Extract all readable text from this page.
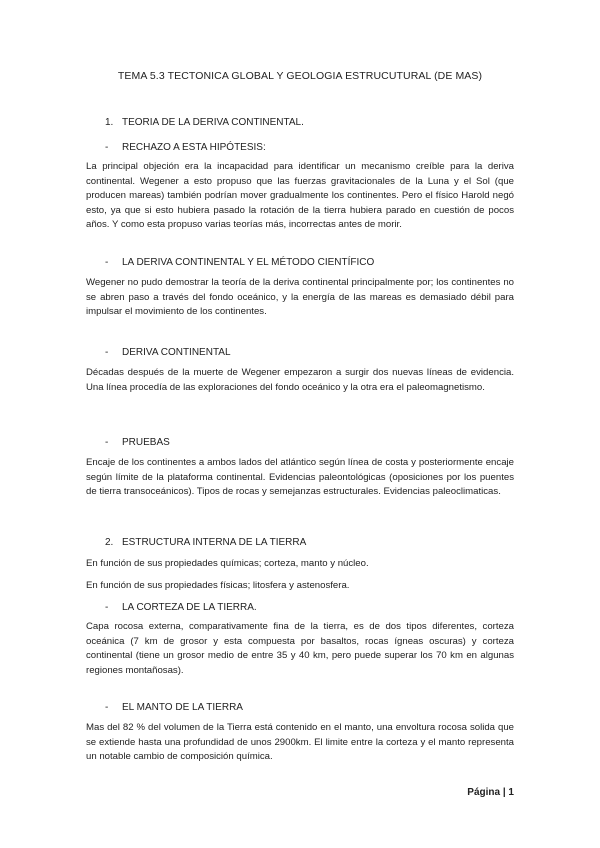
TEMA 5.3 TECTONICA GLOBAL Y GEOLOGIA ESTRUCUTURAL (DE MAS)
1. TEORIA DE LA DERIVA CONTINENTAL.
- RECHAZO A ESTA HIPÓTESIS:
La principal objeción era la incapacidad para identificar un mecanismo creíble para la deriva continental. Wegener a esto propuso que las fuerzas gravitacionales de la Luna y el Sol (que producen mareas) también podrían mover gradualmente los continentes. Pero el físico Harold negó esto, ya que si esto hubiera pasado la rotación de la tierra hubiera parado en cuestión de pocos años. Y como esta propuso varias teorías más, incorrectas antes de morir.
- LA DERIVA CONTINENTAL Y EL MÉTODO CIENTÍFICO
Wegener no pudo demostrar la teoría de la deriva continental principalmente por; los continentes no se abren paso a través del fondo oceánico, y la energía de las mareas es demasiado débil para impulsar el movimiento de los continentes.
- DERIVA CONTINENTAL
Décadas después de la muerte de Wegener empezaron a surgir dos nuevas líneas de evidencia. Una línea procedía de las exploraciones del fondo oceánico y la otra era el paleomagnetismo.
- PRUEBAS
Encaje de los continentes a ambos lados del atlántico según línea de costa y posteriormente encaje según límite de la plataforma continental. Evidencias paleontológicas (oposiciones por los puentes de tierra transoceánicos). Tipos de rocas y semejanzas estructurales. Evidencias paleoclimaticas.
2. ESTRUCTURA INTERNA DE LA TIERRA
En función de sus propiedades químicas; corteza, manto y núcleo.
En función de sus propiedades físicas; litosfera y astenosfera.
- LA CORTEZA DE LA TIERRA.
Capa rocosa externa, comparativamente fina de la tierra, es de dos tipos diferentes, corteza oceánica (7 km de grosor y esta compuesta por basaltos, rocas ígneas oscuras) y corteza continental (tiene un grosor medio de entre 35 y 40 km, pero puede superar los 70 km en algunas regiones montañosas).
- EL MANTO DE LA TIERRA
Mas del 82 % del volumen de la Tierra está contenido en el manto, una envoltura rocosa solida que se extiende hasta una profundidad de unos 2900km. El limite entre la corteza y el manto representa un notable cambio de composición química.
Página | 1
